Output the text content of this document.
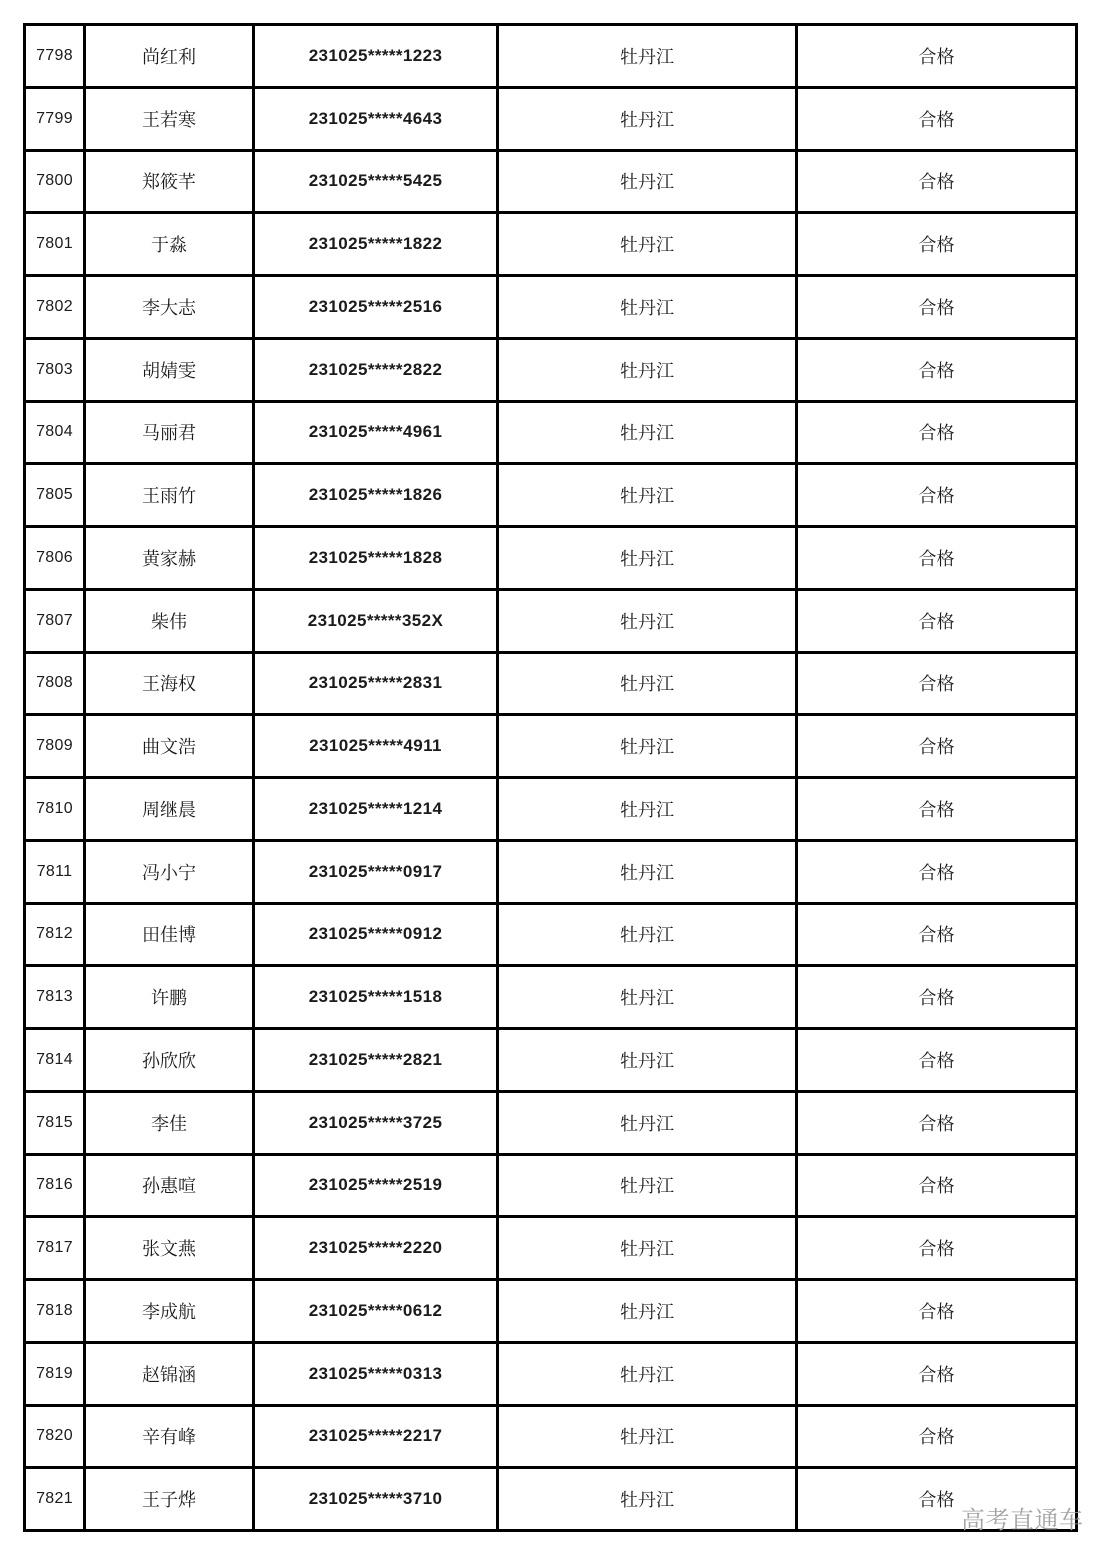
7798	尚红利	231025*****1223	牡丹江	合格
7799	王若寒	231025*****4643	牡丹江	合格
7800	郑筱芊	231025*****5425	牡丹江	合格
7801	于淼	231025*****1822	牡丹江	合格
7802	李大志	231025*****2516	牡丹江	合格
7803	胡婧雯	231025*****2822	牡丹江	合格
7804	马丽君	231025*****4961	牡丹江	合格
7805	王雨竹	231025*****1826	牡丹江	合格
7806	黄家赫	231025*****1828	牡丹江	合格
7807	柴伟	231025*****352X	牡丹江	合格
7808	王海权	231025*****2831	牡丹江	合格
7809	曲文浩	231025*****4911	牡丹江	合格
7810	周继晨	231025*****1214	牡丹江	合格
7811	冯小宁	231025*****0917	牡丹江	合格
7812	田佳博	231025*****0912	牡丹江	合格
7813	许鹏	231025*****1518	牡丹江	合格
7814	孙欣欣	231025*****2821	牡丹江	合格
7815	李佳	231025*****3725	牡丹江	合格
7816	孙惠喧	231025*****2519	牡丹江	合格
7817	张文燕	231025*****2220	牡丹江	合格
7818	李成航	231025*****0612	牡丹江	合格
7819	赵锦涵	231025*****0313	牡丹江	合格
7820	辛有峰	231025*****2217	牡丹江	合格
7821	王子烨	231025*****3710	牡丹江	合格
高考直通车
